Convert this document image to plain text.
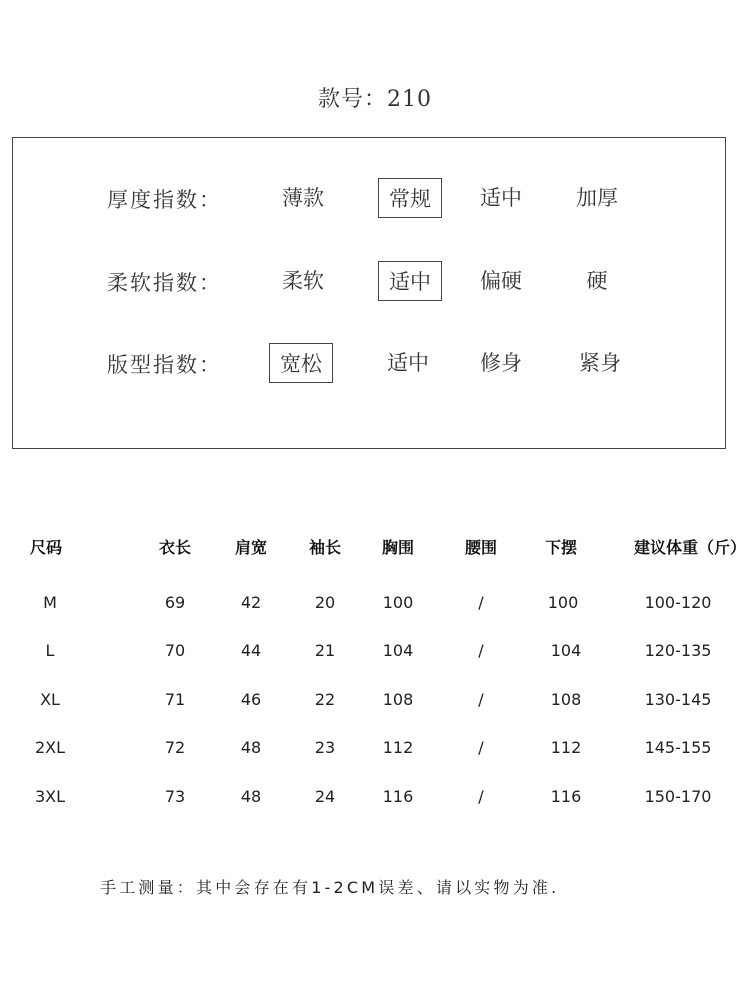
款号：210
厚度指数：	薄款	常规	适中	加厚
柔软指数：	柔软	适中	偏硬	硬
版型指数：	宽松	适中	修身	紧身
尺码	衣长	肩宽	袖长	胸围	腰围	下摆	建议体重（斤）
M	69	42	20	100	/	100	100-120
L	70	44	21	104	/	104	120-135
XL	71	46	22	108	/	108	130-145
2XL	72	48	23	112	/	112	145-155
3XL	73	48	24	116	/	116	150-170
手工测量：其中会存在有1-2CM误差、请以实物为准.
